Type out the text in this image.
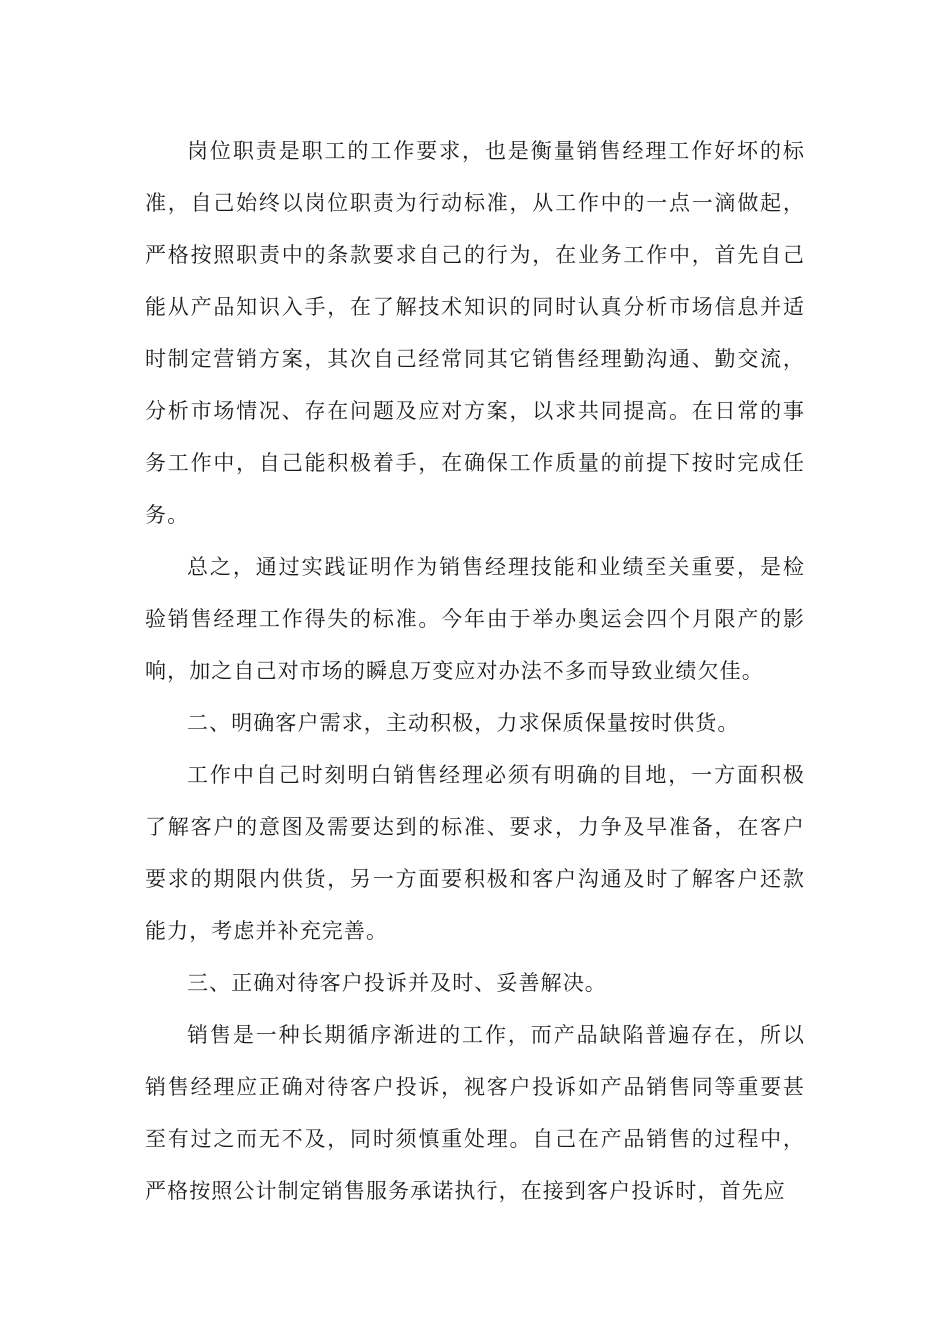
岗位职责是职工的工作要求，也是衡量销售经理工作好坏的标准，自己始终以岗位职责为行动标准，从工作中的一点一滴做起，严格按照职责中的条款要求自己的行为，在业务工作中，首先自己能从产品知识入手，在了解技术知识的同时认真分析市场信息并适时制定营销方案，其次自己经常同其它销售经理勤沟通、勤交流，分析市场情况、存在问题及应对方案，以求共同提高。在日常的事务工作中，自己能积极着手，在确保工作质量的前提下按时完成任务。

总之，通过实践证明作为销售经理技能和业绩至关重要，是检验销售经理工作得失的标准。今年由于举办奥运会四个月限产的影响，加之自己对市场的瞬息万变应对办法不多而导致业绩欠佳。

二、明确客户需求，主动积极，力求保质保量按时供货。

工作中自己时刻明白销售经理必须有明确的目地，一方面积极了解客户的意图及需要达到的标准、要求，力争及早准备，在客户要求的期限内供货，另一方面要积极和客户沟通及时了解客户还款能力，考虑并补充完善。

三、正确对待客户投诉并及时、妥善解决。

销售是一种长期循序渐进的工作，而产品缺陷普遍存在，所以销售经理应正确对待客户投诉，视客户投诉如产品销售同等重要甚至有过之而无不及，同时须慎重处理。自己在产品销售的过程中，严格按照公计制定销售服务承诺执行，在接到客户投诉时，首先应
